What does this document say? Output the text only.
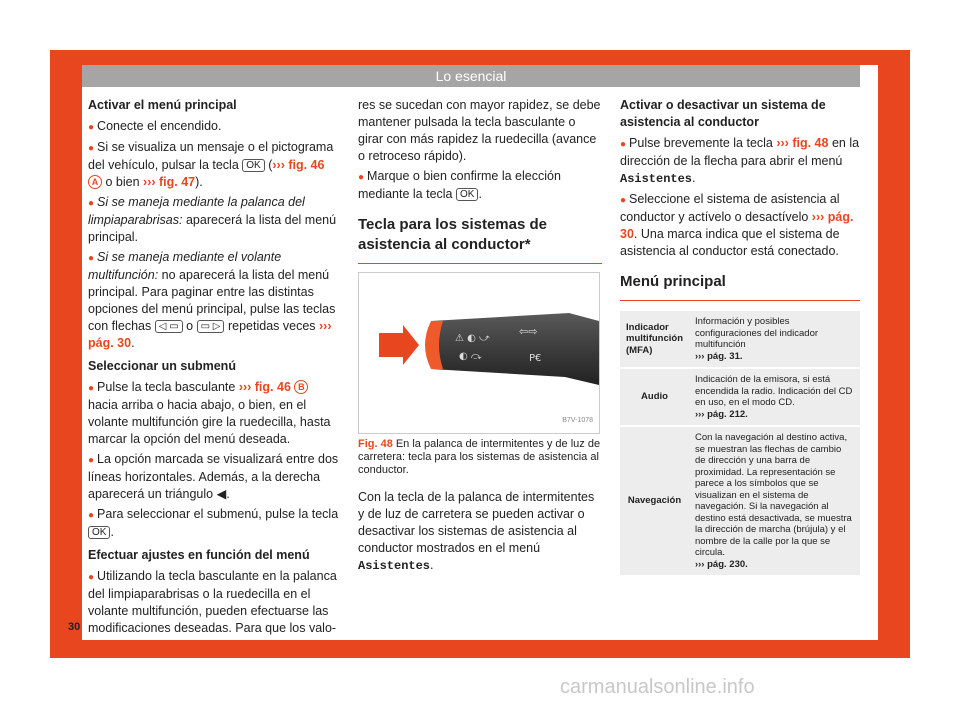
Lo esencial
Activar el menú principal

● Conecte el encendido.

● Si se visualiza un mensaje o el pictograma del vehículo, pulsar la tecla OK (››› fig. 46 A o bien ››› fig. 47).

● Si se maneja mediante la palanca del limpiaparabrisas: aparecerá la lista del menú principal.

● Si se maneja mediante el volante multifunción: no aparecerá la lista del menú principal. Para paginar entre las distintas opciones del menú principal, pulse las teclas con flechas ◁ ▭ o ▭ ▷ repetidas veces ››› pág. 30.

Seleccionar un submenú

● Pulse la tecla basculante ››› fig. 46 B hacia arriba o hacia abajo, o bien, en el volante multifunción gire la ruedecilla, hasta marcar la opción del menú deseada.

● La opción marcada se visualizará entre dos líneas horizontales. Además, a la derecha aparecerá un triángulo ◀.

● Para seleccionar el submenú, pulse la tecla OK .

Efectuar ajustes en función del menú

● Utilizando la tecla basculante en la palanca del limpiaparabrisas o la ruedecilla en el volante multifunción, pueden efectuarse las modificaciones deseadas. Para que los valo-

res se sucedan con mayor rapidez, se debe mantener pulsada la tecla basculante o girar con más rapidez la ruedecilla (avance o retroceso rápido).

● Marque o bien confirme la elección mediante la tecla OK .

Tecla para los sistemas de asistencia al conductor*
⚠ ◐ ⤻
◐ ⤼
⇦⇨
P€
B7V-1078
Fig. 48 En la palanca de intermitentes y de luz de carretera: tecla para los sistemas de asistencia al conductor.

Con la tecla de la palanca de intermitentes y de luz de carretera se pueden activar o desactivar los sistemas de asistencia al conductor mostrados en el menú Asistentes.

Activar o desactivar un sistema de asistencia al conductor

● Pulse brevemente la tecla ››› fig. 48 en la dirección de la flecha para abrir el menú Asistentes.

● Seleccione el sistema de asistencia al conductor y actívelo o desactívelo ››› pág. 30. Una marca indica que el sistema de asistencia al conductor está conectado.

Menú principal
Indicador multifunción (MFA)	Información y posibles configuraciones del indicador multifunción
››› pág. 31.
Audio	Indicación de la emisora, si está encendida la radio. Indicación del CD en uso, en el modo CD.
››› pág. 212.
Navegación	Con la navegación al destino activa, se muestran las flechas de cambio de dirección y una barra de proximidad. La representación se parece a los símbolos que se visualizan en el sistema de navegación. Si la navegación al destino está desactivada, se muestra la dirección de marcha (brújula) y el nombre de la calle por la que se circula.
››› pág. 230.
30
carmanualsonline.info
